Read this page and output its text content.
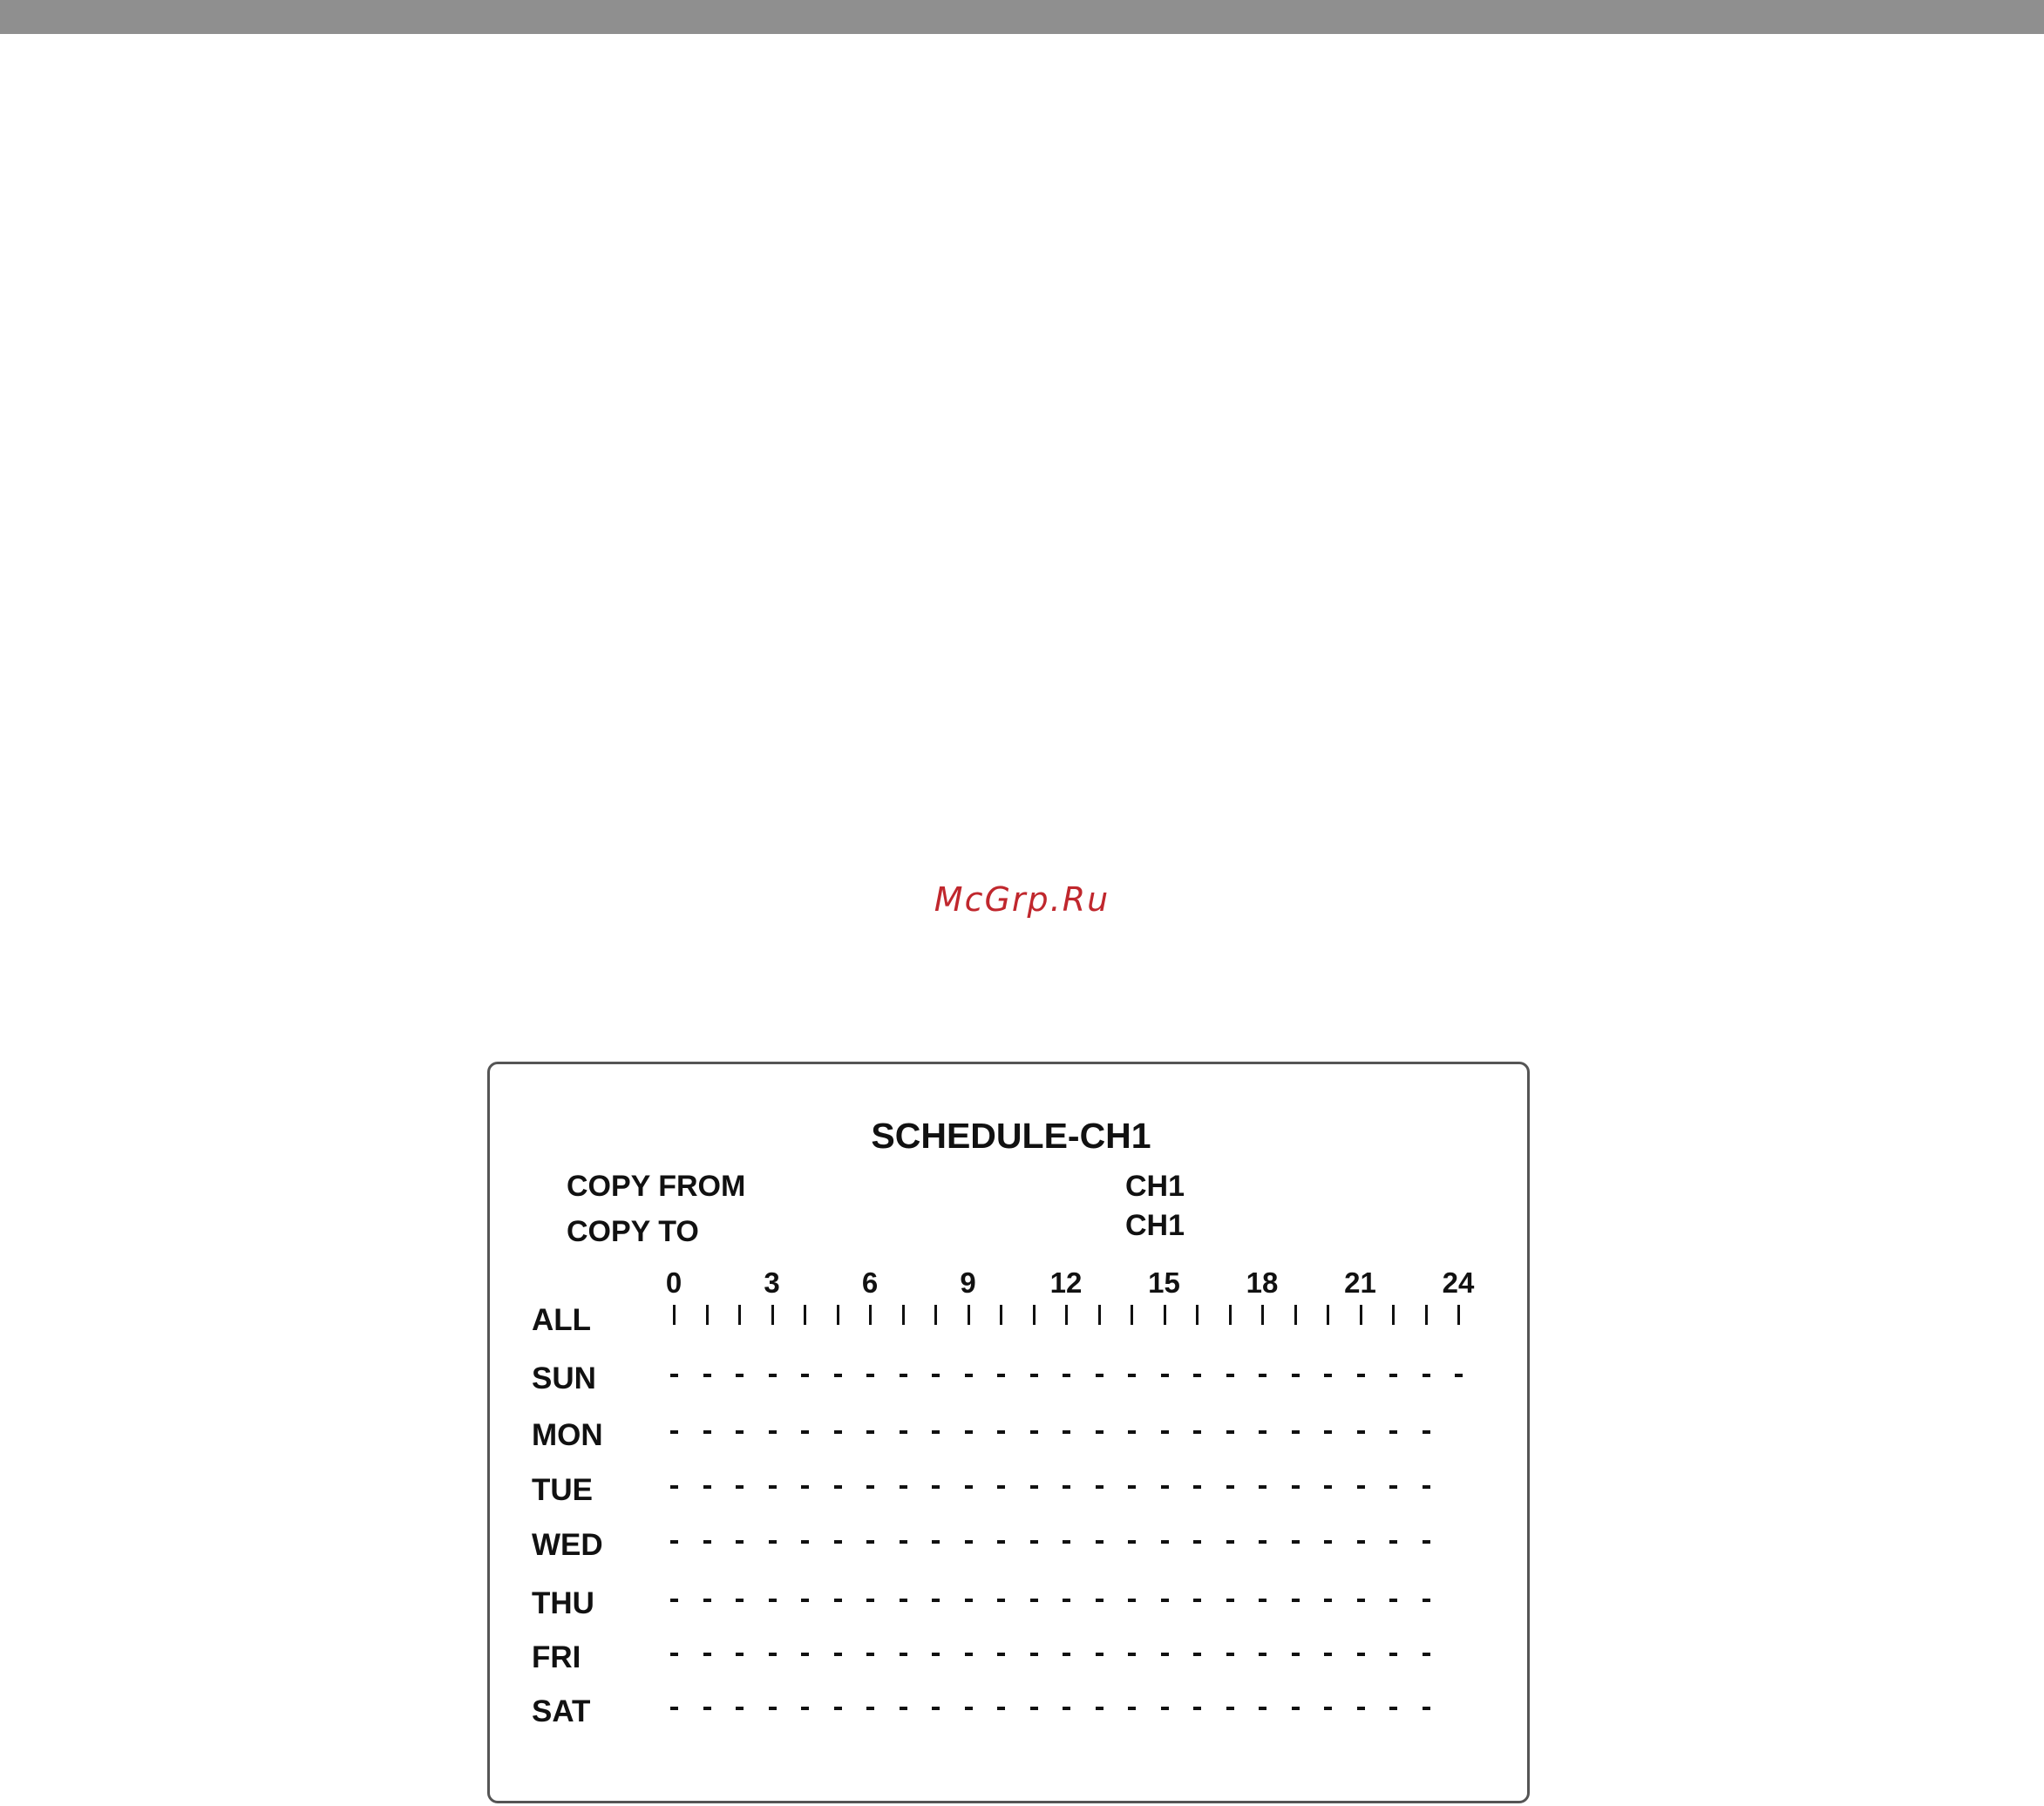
McGrp.Ru
SCHEDULE-CH1
COPY FROM	CH1
COPY TO	CH1
0	3	6	9	12 15 18 21 24
ALL
SUN
MON
TUE
WED
THU
FRI
SAT
